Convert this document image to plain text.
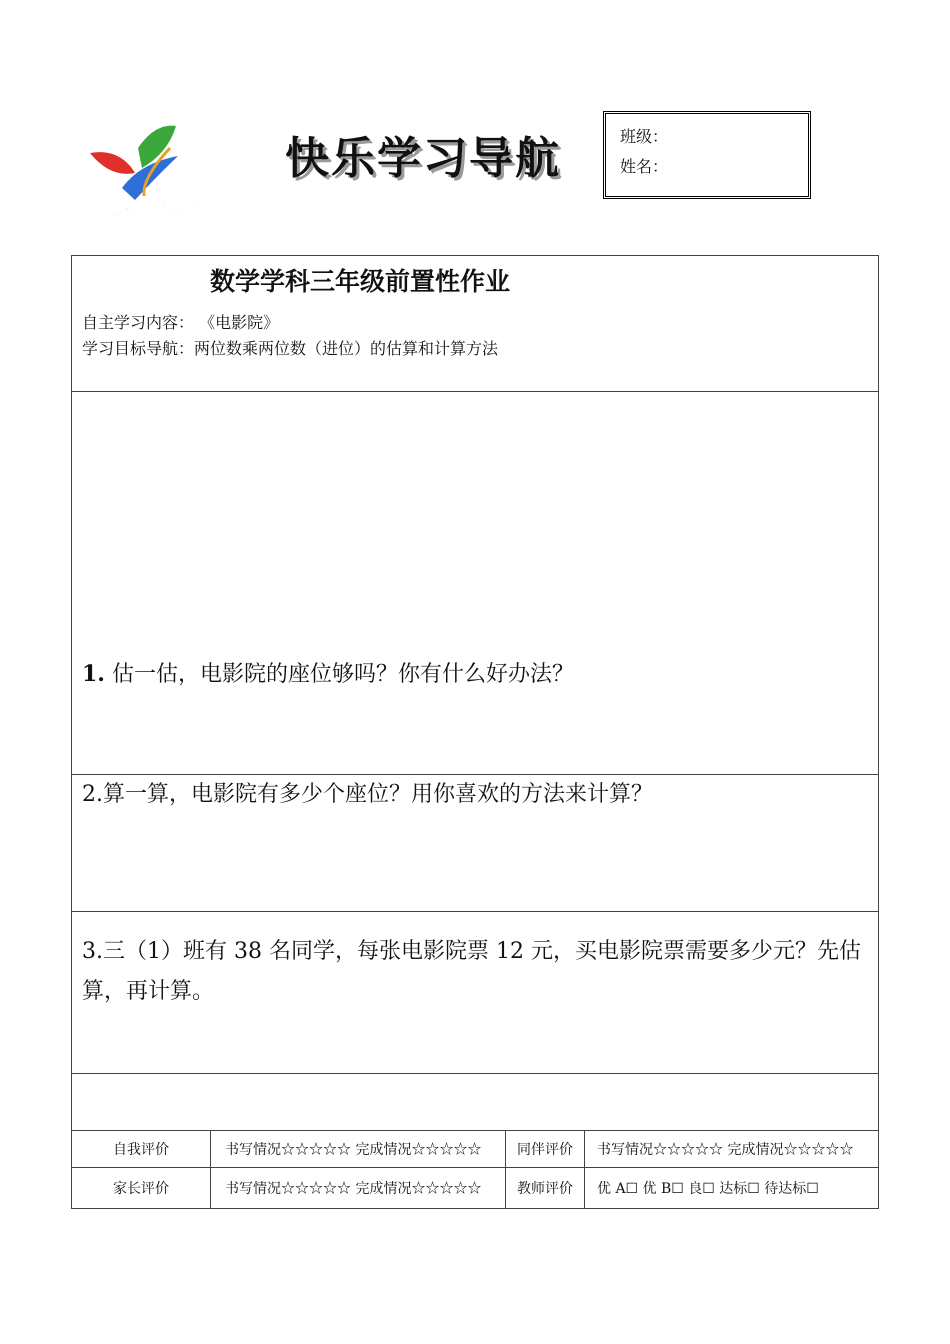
龙凤区第一小学
快乐学习导航	班级：
姓名：
数学学科三年级前置性作业
自主学习内容： 《电影院》
学习目标导航：两位数乘两位数（进位）的估算和计算方法
1. 估一估，电影院的座位够吗？你有什么好办法？
2.算一算，电影院有多少个座位？用你喜欢的方法来计算？
3.三（1）班有 38 名同学，每张电影院票 12 元，买电影院票需要多少元？先估算，再计算。
自我评价	书写情况☆☆☆☆☆ 完成情况☆☆☆☆☆	同伴评价	书写情况☆☆☆☆☆ 完成情况☆☆☆☆☆
家长评价	书写情况☆☆☆☆☆ 完成情况☆☆☆☆☆	教师评价	优 A☐ 优 B☐ 良☐ 达标☐ 待达标☐
